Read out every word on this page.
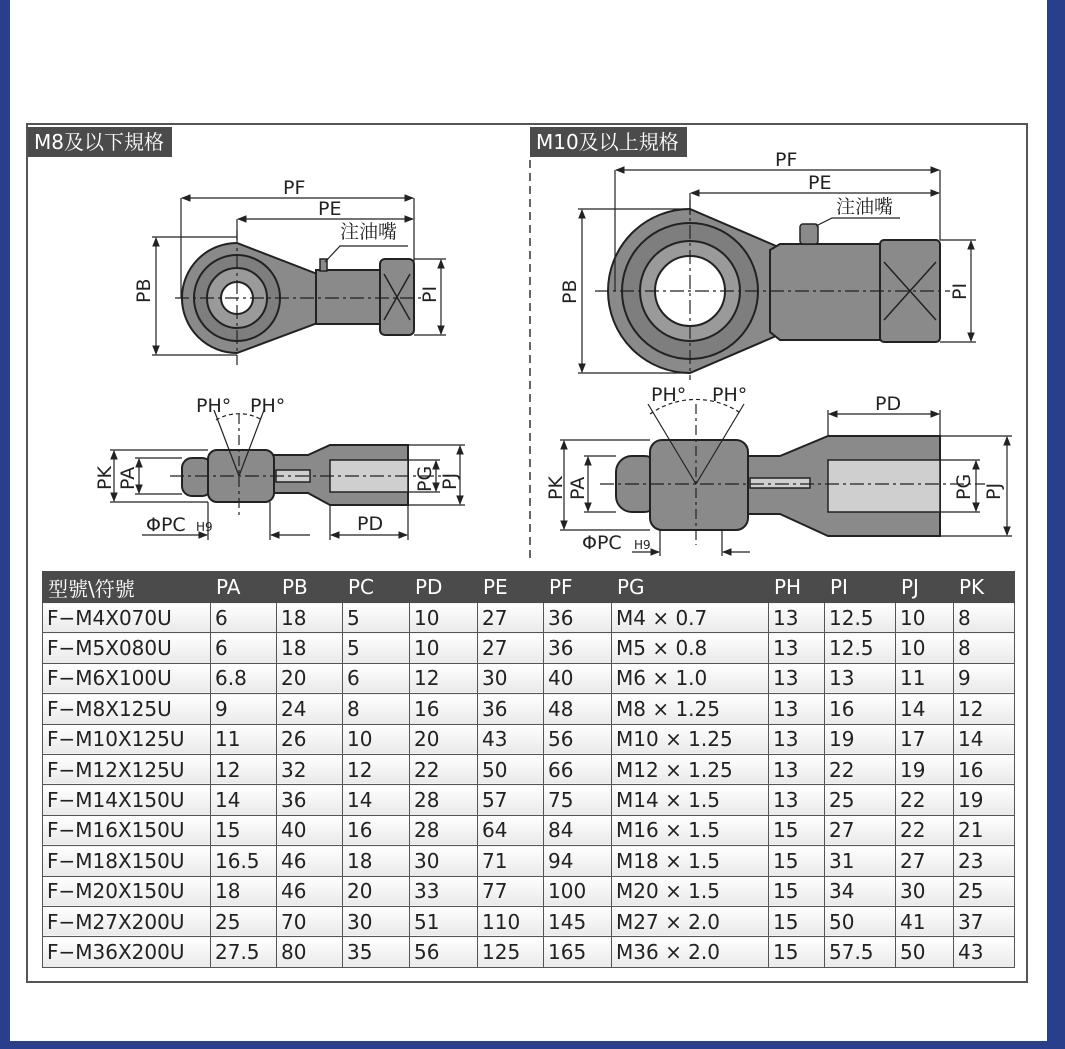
M8及以下規格	M10及以上規格
PF
PE
注油嘴
PB	PI
PH° PH°
PK PA	PG PJ
PD
ΦPC H9
PF
PE
注油嘴
PB	PI
PH° PH°	PD
PK PA	PG PJ
ΦPC H9
型號\符號	PA	PB	PC	PD	PE	PF	PG	PH	PI	PJ	PK
F−M4X070U	6	18	5	10	27	36	M4 × 0.7	13	12.5	10	8
F−M5X080U	6	18	5	10	27	36	M5 × 0.8	13	12.5	10	8
F−M6X100U	6.8	20	6	12	30	40	M6 × 1.0	13	13	11	9
F−M8X125U	9	24	8	16	36	48	M8 × 1.25	13	16	14	12
F−M10X125U	11	26	10	20	43	56	M10 × 1.25	13	19	17	14
F−M12X125U	12	32	12	22	50	66	M12 × 1.25	13	22	19	16
F−M14X150U	14	36	14	28	57	75	M14 × 1.5	13	25	22	19
F−M16X150U	15	40	16	28	64	84	M16 × 1.5	15	27	22	21
F−M18X150U	16.5	46	18	30	71	94	M18 × 1.5	15	31	27	23
F−M20X150U	18	46	20	33	77	100	M20 × 1.5	15	34	30	25
F−M27X200U	25	70	30	51	110	145	M27 × 2.0	15	50	41	37
F−M36X200U	27.5	80	35	56	125	165	M36 × 2.0	15	57.5	50	43
